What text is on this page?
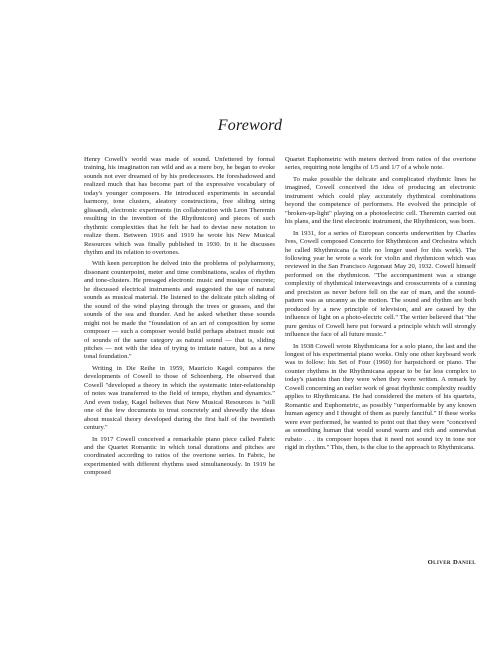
Foreword

Henry Cowell's world was made of sound. Unfettered by formal training, his imagination ran wild and as a mere boy, he began to evoke sounds not ever dreamed of by his predecessors. He foreshadowed and realized much that has become part of the expressive vocabulary of today's younger composers. He introduced experiments in secundal harmony, tone clusters, aleatory constructions, free sliding string glissandi, electronic experiments (in collaboration with Leon Theremin resulting in the invention of the Rhythmicon) and pieces of such rhythmic complexities that he felt he had to devise new notation to realize them. Between 1916 and 1919 he wrote his New Musical Resources which was finally published in 1930. In it he discusses rhythm and its relation to overtones.

With keen perception he delved into the problems of polyharmony, dissonant counterpoint, meter and time combinations, scales of rhythm and tone-clusters. He presaged electronic music and musique concrete; he discussed electrical instruments and suggested the use of natural sounds as musical material. He listened to the delicate pitch sliding of the sound of the wind playing through the trees or grasses, and the sounds of the sea and thunder. And he asked whether these sounds might not be made the "foundation of an art of composition by some composer — such a composer would build perhaps abstract music out of sounds of the same category as natural sound — that is, sliding pitches — not with the idea of trying to imitate nature, but as a new tonal foundation."

Writing in Die Reihe in 1959, Mauricio Kagel compares the developments of Cowell to those of Schoenberg. He observed that Cowell "developed a theory in which the systematic inter-relationship of notes was transferred to the field of tempo, rhythm and dynamics." And even today, Kagel believes that New Musical Resources is "still one of the few documents to treat concretely and shrewdly the ideas about musical theory developed during the first half of the twentieth century."

In 1917 Cowell conceived a remarkable piano piece called Fabric and the Quartet Romantic in which tonal durations and pitches are coordinated according to ratios of the overtone series. In Fabric, he experimented with different rhythms used simultaneously. In 1919 he composed

Quartet Euphometric with meters derived from ratios of the overtone series, requiring note lengths of 1/5 and 1/7 of a whole note.

To make possible the delicate and complicated rhythmic lines he imagined, Cowell conceived the idea of producing an electronic instrument which could play accurately rhythmical combinations beyond the competence of performers. He evolved the principle of "broken-up-light" playing on a photoelectric cell. Theremin carried out his plans, and the first electronic instrument, the Rhythmicon, was born.

In 1931, for a series of European concerts underwritten by Charles Ives, Cowell composed Concerto for Rhythmicon and Orchestra which he called Rhythmicana (a title no longer used for this work). The following year he wrote a work for violin and rhythmicon which was reviewed in the San Francisco Argonaut May 20, 1932. Cowell himself performed on the rhythmicon. "The accompaniment was a strange complexity of rhythmical interweavings and crosscurrents of a cunning and precision as never before fell on the ear of man, and the sound-pattern was as uncanny as the motion. The sound and rhythm are both produced by a new principle of television, and are caused by the influence of light on a photo-electric cell." The writer believed that "the pure genius of Cowell here put forward a principle which will strongly influence the face of all future music."

In 1938 Cowell wrote Rhythmicana for a solo piano, the last and the longest of his experimental piano works. Only one other keyboard work was to follow: his Set of Four (1960) for harpsichord or piano. The counter rhythms in the Rhythmicana appear to be far less complex to today's pianists than they were when they were written. A remark by Cowell concerning an earlier work of great rhythmic complexity readily applies to Rhythmicana. He had considered the meters of his quartets, Romantic and Euphometric, as possibly "unperformable by any known human agency and I thought of them as purely fanciful." If these works were ever performed, he wanted to point out that they were "conceived as something human that would sound warm and rich and somewhat rubato . . . its composer hopes that it need not sound icy in tone nor rigid in rhythm." This, then, is the clue to the approach to Rhythmicana.

Oliver Daniel
